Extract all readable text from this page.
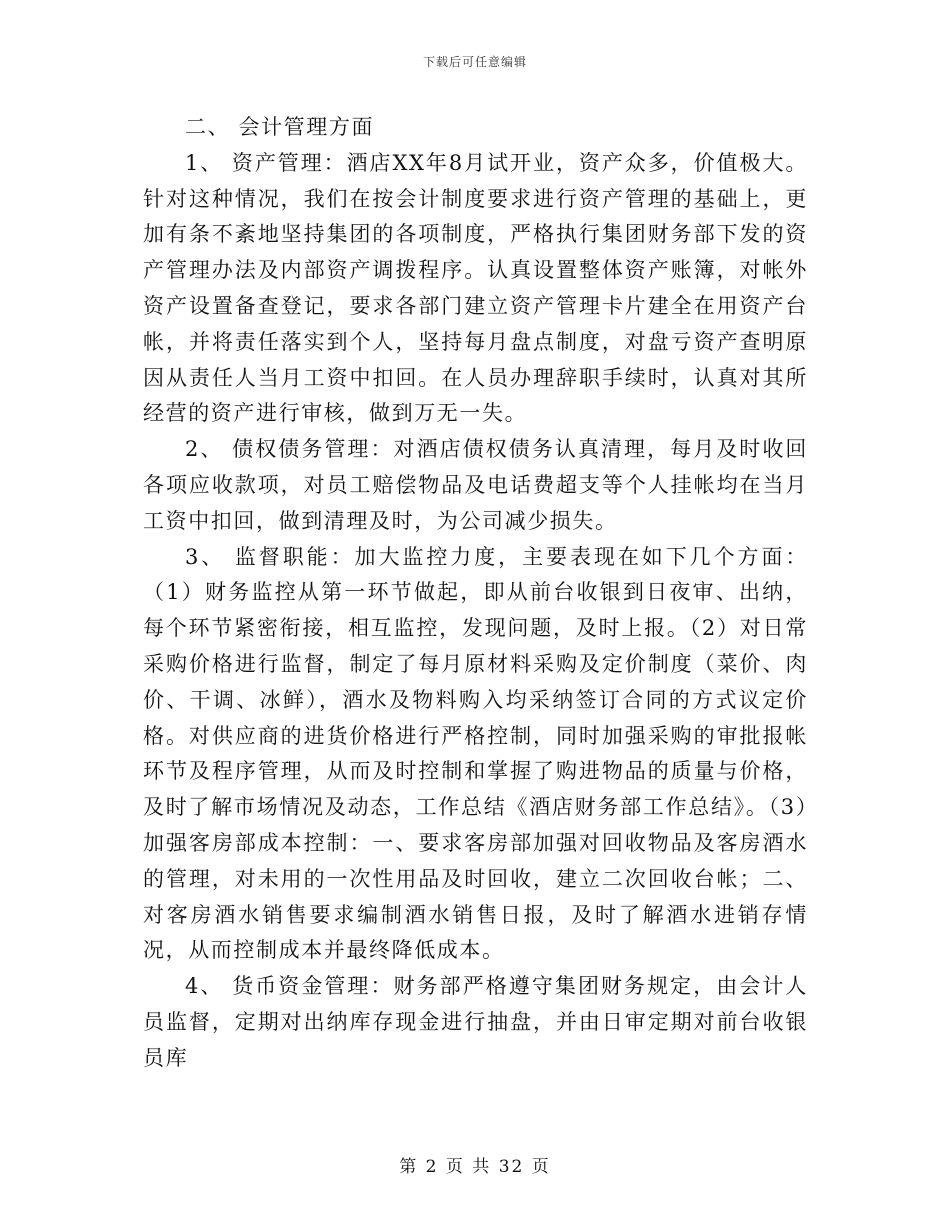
下载后可任意编辑

二、 会计管理方面

1、 资产管理：酒店XX年8月试开业，资产众多，价值极大。针对这种情况，我们在按会计制度要求进行资产管理的基础上，更加有条不紊地坚持集团的各项制度，严格执行集团财务部下发的资产管理办法及内部资产调拨程序。认真设置整体资产账簿，对帐外资产设置备查登记，要求各部门建立资产管理卡片建全在用资产台帐，并将责任落实到个人，坚持每月盘点制度，对盘亏资产查明原因从责任人当月工资中扣回。在人员办理辞职手续时，认真对其所经营的资产进行审核，做到万无一失。

2、 债权债务管理：对酒店债权债务认真清理，每月及时收回各项应收款项，对员工赔偿物品及电话费超支等个人挂帐均在当月工资中扣回，做到清理及时，为公司减少损失。

3、 监督职能：加大监控力度，主要表现在如下几个方面：（1）财务监控从第一环节做起，即从前台收银到日夜审、出纳，每个环节紧密衔接，相互监控，发现问题，及时上报。（2）对日常采购价格进行监督，制定了每月原材料采购及定价制度（菜价、肉价、干调、冰鲜），酒水及物料购入均采纳签订合同的方式议定价格。对供应商的进货价格进行严格控制，同时加强采购的审批报帐环节及程序管理，从而及时控制和掌握了购进物品的质量与价格，及时了解市场情况及动态，工作总结《酒店财务部工作总结》。（3）加强客房部成本控制：一、要求客房部加强对回收物品及客房酒水的管理，对未用的一次性用品及时回收，建立二次回收台帐；二、对客房酒水销售要求编制酒水销售日报，及时了解酒水进销存情况，从而控制成本并最终降低成本。

4、 货币资金管理：财务部严格遵守集团财务规定，由会计人员监督，定期对出纳库存现金进行抽盘，并由日审定期对前台收银员库

第 2 页 共 32 页
